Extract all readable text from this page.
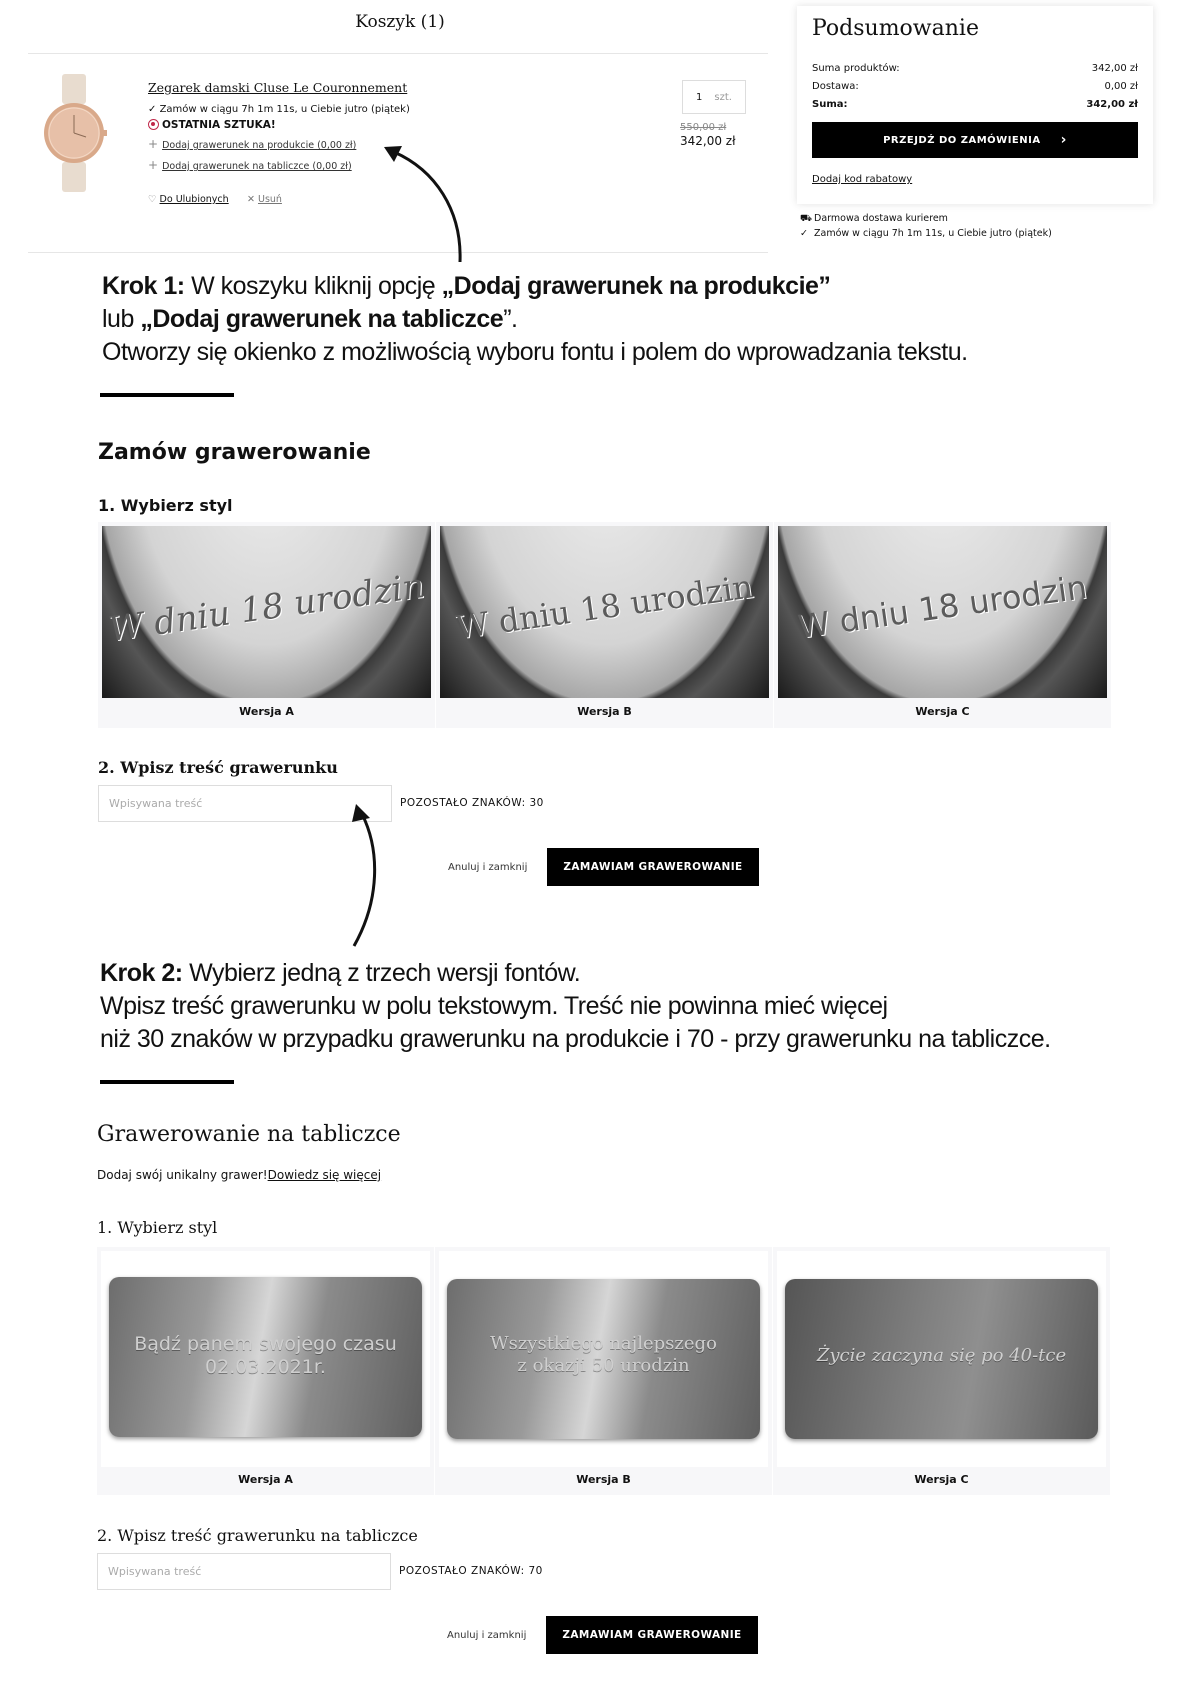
Koszyk (1)
Zegarek damski Cluse Le Couronnement
✓ Zamów w ciągu 7h 1m 11s, u Ciebie jutro (piątek)
OSTATNIA SZTUKA!
+ Dodaj grawerunek na produkcie (0,00 zł)
+ Dodaj grawerunek na tabliczce (0,00 zł)
♡ Do Ulubionych ✕ Usuń
1 szt.
550,00 zł
342,00 zł
Podsumowanie
Suma produktów:	342,00 zł
Dostawa:	0,00 zł
Suma:	342,00 zł
PRZEJDŹ DO ZAMÓWIENIA ›
Dodaj kod rabatowy
⛟ Darmowa dostawa kurierem
✓ Zamów w ciągu 7h 1m 11s, u Ciebie jutro (piątek)
Krok 1: W koszyku kliknij opcję „Dodaj grawerunek na produkcie”
lub „Dodaj grawerunek na tabliczce”.
Otworzy się okienko z możliwością wyboru fontu i polem do wprowadzania tekstu.
Zamów grawerowanie
1. Wybierz styl
W dniu 18 urodzin
Wersja A
W dniu 18 urodzin
Wersja B
W dniu 18 urodzin
Wersja C
2. Wpisz treść grawerunku
Wpisywana treść	POZOSTAŁO ZNAKÓW: 30
Anuluj i zamknij	ZAMAWIAM GRAWEROWANIE
Krok 2: Wybierz jedną z trzech wersji fontów.
Wpisz treść grawerunku w polu tekstowym. Treść nie powinna mieć więcej
niż 30 znaków w przypadku grawerunku na produkcie i 70 - przy grawerunku na tabliczce.
Grawerowanie na tabliczce
Dodaj swój unikalny grawer!Dowiedz się więcej
1. Wybierz styl
Bądź panem swojego czasu
02.03.2021r.
Wersja A
Wszystkiego najlepszego
z okazji 50 urodzin
Wersja B
Życie zaczyna się po 40-tce
Wersja C
2. Wpisz treść grawerunku na tabliczce
Wpisywana treść	POZOSTAŁO ZNAKÓW: 70
Anuluj i zamknij	ZAMAWIAM GRAWEROWANIE
